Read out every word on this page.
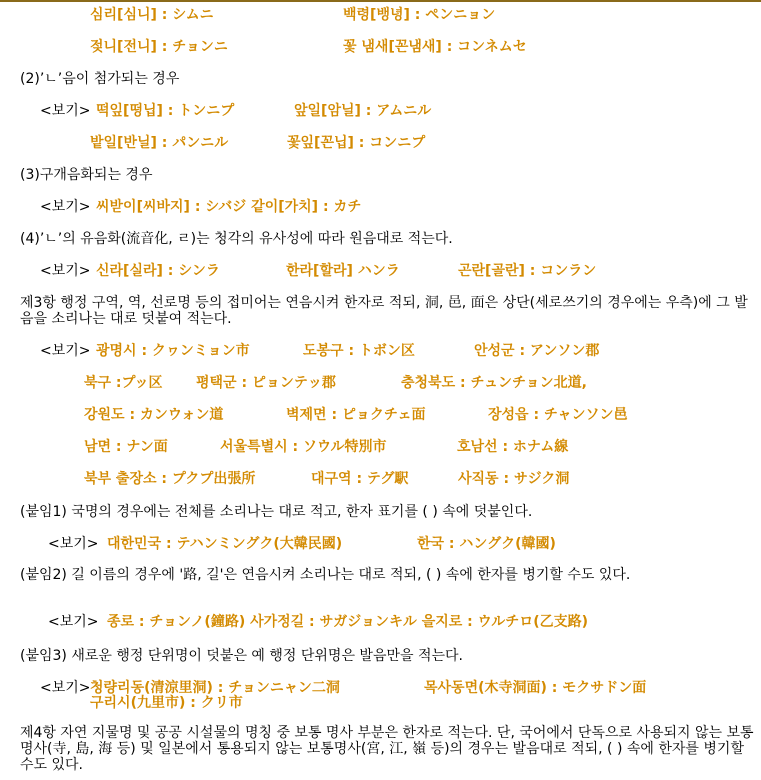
심리[심니] : シムニ	백령[뱅녕] : ペンニョン
젖니[전니] : チョンニ	꽃 냄새[꼰냄새] : コンネムセ
(2)’ㄴ’음이 첨가되는 경우
<보기> 떡잎[떵닙] : トンニプ	앞일[암닐] : アムニル
밭일[반닐] : パンニル	꽃잎[꼰닙] : コンニプ
(3)구개음화되는 경우
<보기> 씨받이[씨바지] : シバジ 같이[가치] : カチ
(4)’ㄴ’의 유음화(流音化, ㄹ)는 청각의 유사성에 따라 원음대로 적는다.
<보기> 신라[실라] : シンラ	한라[할라] ハンラ	곤란[골란] : コンラン
제3항 행정 구역, 역, 선로명 등의 접미어는 연음시켜 한자로 적되, 洞, 邑, 面은 상단(세로쓰기의 경우에는 우측)에 그 발음을 소리나는 대로 덧붙여 적는다.
<보기> 광명시 : クヮンミョン市	도봉구 : トボン区	안성군 : アンソン郡
북구 :プッ区 평택군 : ピョンテッ郡	충청북도 : チュンチョン北道,
강원도 : カンウォン道	벽제면 : ピョクチェ面	장성읍 : チャンソン邑
남면 : ナン面	서울특별시 : ソウル特別市	호남선 : ホナム線
북부 출장소 : プクプ出張所	대구역 : テグ駅	사직동 : サジク洞
(붙임1) 국명의 경우에는 전체를 소리나는 대로 적고, 한자 표기를 ( ) 속에 덧붙인다.
<보기> 대한민국 : テハンミングク(大韓民國)	한국 : ハングク(韓國)
(붙임2) 길 이름의 경우에 '路, 길'은 연음시켜 소리나는 대로 적되, ( ) 속에 한자를 병기할 수도 있다.
<보기> 종로 : チョンノ(鐘路) 사가정길 : サガジョンキル 을지로 : ウルチロ(乙支路)
(붙임3) 새로운 행정 단위명이 덧붙은 예 행정 단위명은 발음만을 적는다.
<보기> 청량리동(清涼里洞) : チョンニャン二洞	목사동면(木寺洞面) : モクサドン面
구리시(九里市) : クリ市
제4항 자연 지물명 및 공공 시설물의 명칭 중 보통 명사 부분은 한자로 적는다. 단, 국어에서 단독으로 사용되지 않는 보통 명사(寺, 島, 海 등) 및 일본에서 통용되지 않는 보통명사(宮, 江, 嶺 등)의 경우는 발음대로 적되, ( ) 속에 한자를 병기할 수도 있다.
